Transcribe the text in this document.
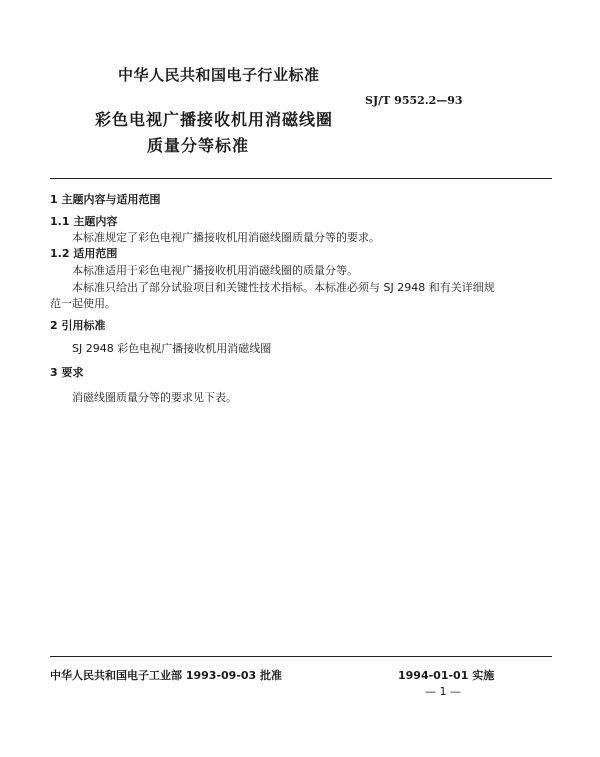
中华人民共和国电子行业标准
SJ/T 9552.2—93
彩色电视广播接收机用消磁线圈
质量分等标准
1 主题内容与适用范围
1.1 主题内容
本标准规定了彩色电视广播接收机用消磁线圈质量分等的要求。
1.2 适用范围
本标准适用于彩色电视广播接收机用消磁线圈的质量分等。
本标准只给出了部分试验项目和关键性技术指标。本标准必须与 SJ 2948 和有关详细规
范一起使用。
2 引用标准
SJ 2948 彩色电视广播接收机用消磁线圈
3 要求
消磁线圈质量分等的要求见下表。
中华人民共和国电子工业部 1993-09-03 批准	1994-01-01 实施
— 1 —
